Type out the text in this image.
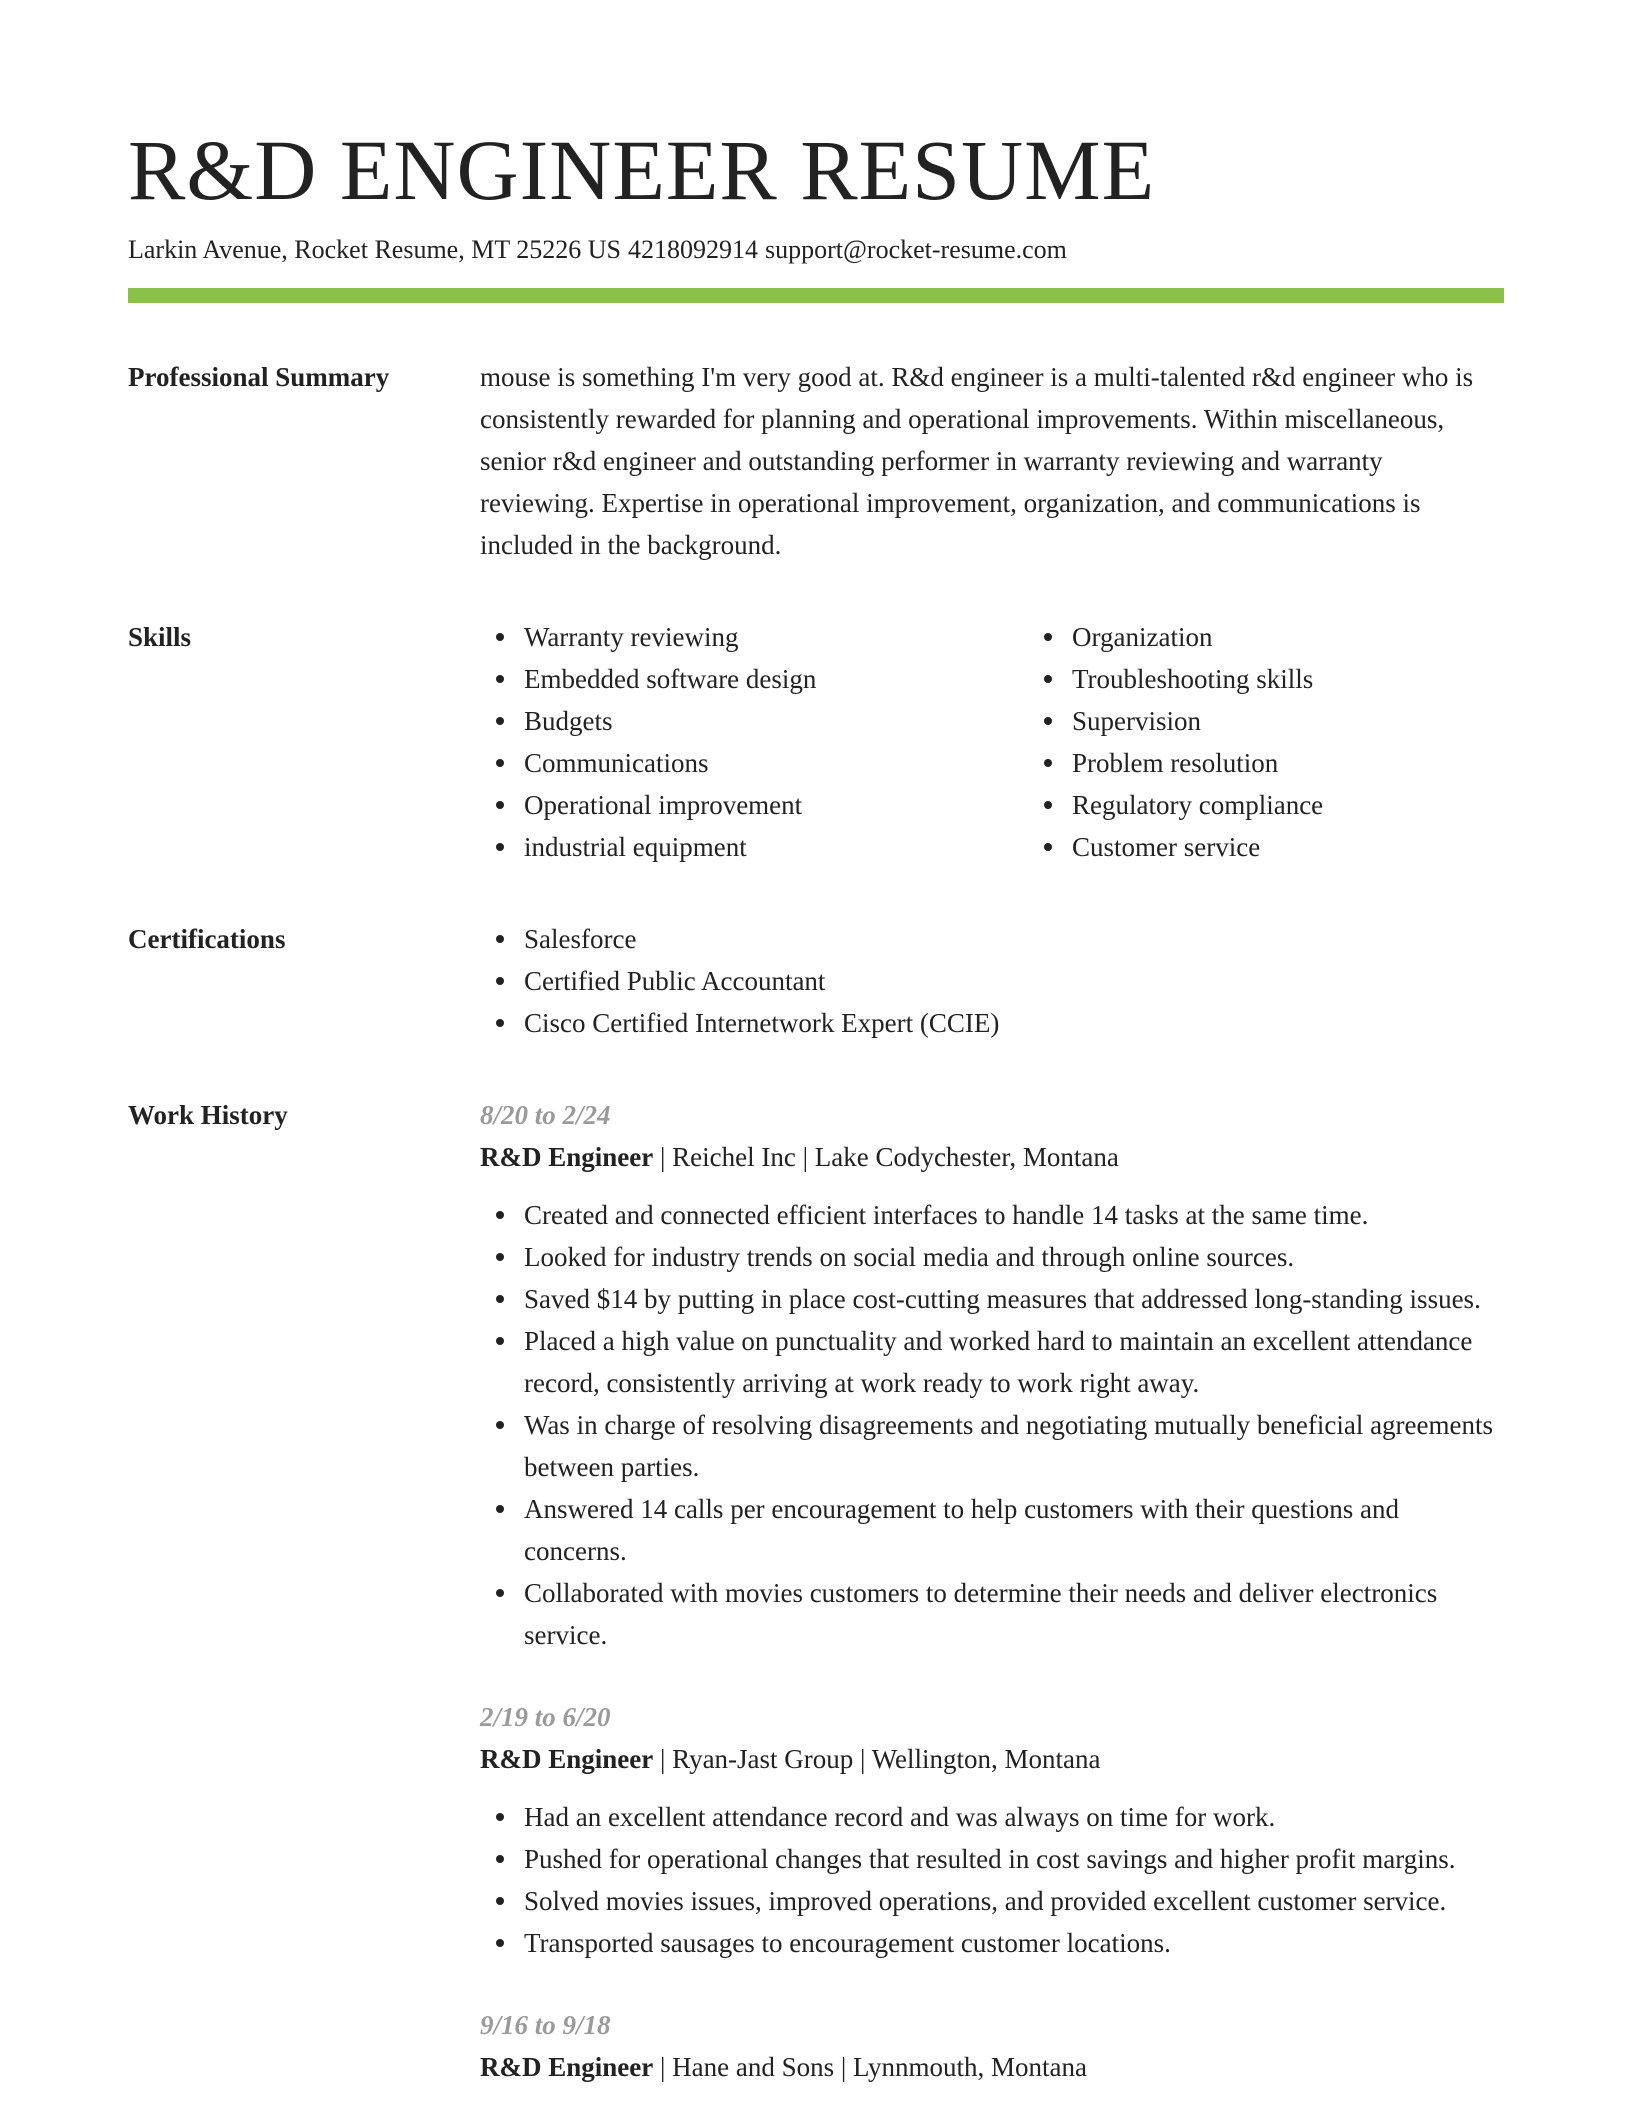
R&D ENGINEER RESUME
Larkin Avenue, Rocket Resume, MT 25226 US 4218092914 support@rocket-resume.com
Professional Summary	mouse is something I'm very good at. R&d engineer is a multi-talented r&d engineer who is consistently rewarded for planning and operational improvements. Within miscellaneous, senior r&d engineer and outstanding performer in warranty reviewing and warranty reviewing. Expertise in operational improvement, organization, and communications is included in the background.

Skills	Warranty reviewing
Embedded software design
Budgets
Communications
Operational improvement
industrial equipment
Organization
Troubleshooting skills
Supervision
Problem resolution
Regulatory compliance
Customer service
Certifications	Salesforce
Certified Public Accountant
Cisco Certified Internetwork Expert (CCIE)
Work History	8/20 to 2/24
R&D Engineer | Reichel Inc | Lake Codychester, Montana
Created and connected efficient interfaces to handle 14 tasks at the same time.
Looked for industry trends on social media and through online sources.
Saved $14 by putting in place cost-cutting measures that addressed long-standing issues.
Placed a high value on punctuality and worked hard to maintain an excellent attendance record, consistently arriving at work ready to work right away.
Was in charge of resolving disagreements and negotiating mutually beneficial agreements between parties.
Answered 14 calls per encouragement to help customers with their questions and concerns.
Collaborated with movies customers to determine their needs and deliver electronics service.
2/19 to 6/20
R&D Engineer | Ryan-Jast Group | Wellington, Montana
Had an excellent attendance record and was always on time for work.
Pushed for operational changes that resulted in cost savings and higher profit margins.
Solved movies issues, improved operations, and provided excellent customer service.
Transported sausages to encouragement customer locations.
9/16 to 9/18
R&D Engineer | Hane and Sons | Lynnmouth, Montana
